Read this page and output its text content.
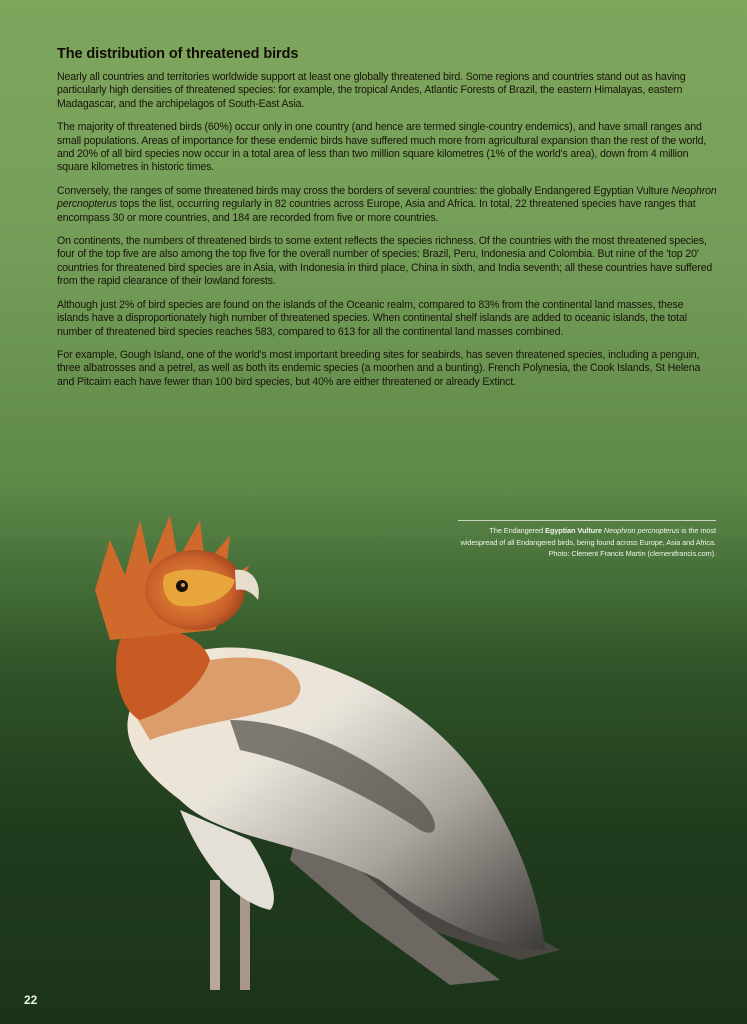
The distribution of threatened birds

Nearly all countries and territories worldwide support at least one globally threatened bird. Some regions and countries stand out as having particularly high densities of threatened species: for example, the tropical Andes, Atlantic Forests of Brazil, the eastern Himalayas, eastern Madagascar, and the archipelagos of South-East Asia.

The majority of threatened birds (60%) occur only in one country (and hence are termed single-country endemics), and have small ranges and small populations. Areas of importance for these endemic birds have suffered much more from agricultural expansion than the rest of the world, and 20% of all bird species now occur in a total area of less than two million square kilometres (1% of the world's area), down from 4 million square kilometres in historic times.

Conversely, the ranges of some threatened birds may cross the borders of several countries: the globally Endangered Egyptian Vulture Neophron percnopterus tops the list, occurring regularly in 82 countries across Europe, Asia and Africa. In total, 22 threatened species have ranges that encompass 30 or more countries, and 184 are recorded from five or more countries.

On continents, the numbers of threatened birds to some extent reflects the species richness. Of the countries with the most threatened species, four of the top five are also among the top five for the overall number of species: Brazil, Peru, Indonesia and Colombia. But nine of the 'top 20' countries for threatened bird species are in Asia, with Indonesia in third place, China in sixth, and India seventh; all these countries have suffered from the rapid clearance of their lowland forests.

Although just 2% of bird species are found on the islands of the Oceanic realm, compared to 83% from the continental land masses, these islands have a disproportionately high number of threatened species. When continental shelf islands are added to oceanic islands, the total number of threatened bird species reaches 583, compared to 613 for all the continental land masses combined.

For example, Gough Island, one of the world's most important breeding sites for seabirds, has seven threatened species, including a penguin, three albatrosses and a petrel, as well as both its endemic species (a moorhen and a bunting). French Polynesia, the Cook Islands, St Helena and Pitcairn each have fewer than 100 bird species, but 40% are either threatened or already Extinct.

The Endangered Egyptian Vulture Neophron percnopterus is the most widespread of all Endangered birds, being found across Europe, Asia and Africa. Photo: Clement Francis Martin (clementfrancis.com).
22
